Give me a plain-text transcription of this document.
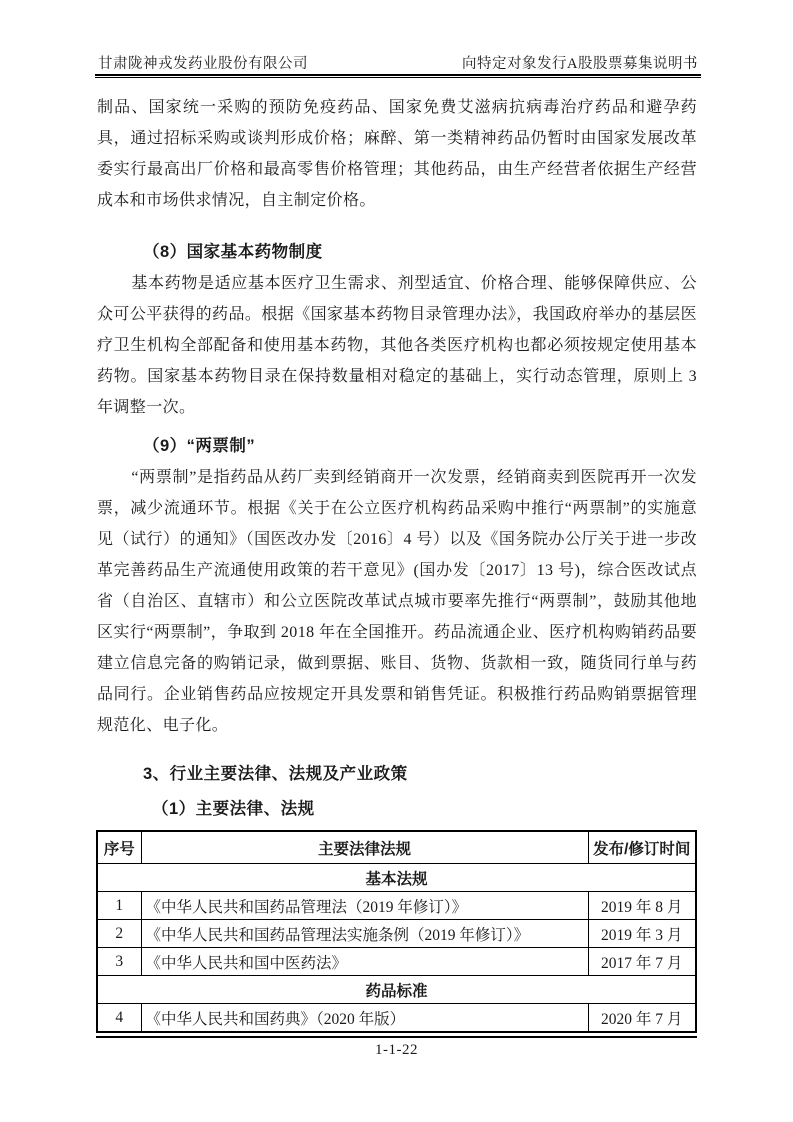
甘肃陇神戎发药业股份有限公司	向特定对象发行A股股票募集说明书

制品、国家统一采购的预防免疫药品、国家免费艾滋病抗病毒治疗药品和避孕药具，通过招标采购或谈判形成价格；麻醉、第一类精神药品仍暂时由国家发展改革委实行最高出厂价格和最高零售价格管理；其他药品，由生产经营者依据生产经营成本和市场供求情况，自主制定价格。

（8）国家基本药物制度

基本药物是适应基本医疗卫生需求、剂型适宜、价格合理、能够保障供应、公众可公平获得的药品。根据《国家基本药物目录管理办法》，我国政府举办的基层医疗卫生机构全部配备和使用基本药物，其他各类医疗机构也都必须按规定使用基本药物。国家基本药物目录在保持数量相对稳定的基础上，实行动态管理，原则上 3 年调整一次。

（9）“两票制”

“两票制”是指药品从药厂卖到经销商开一次发票，经销商卖到医院再开一次发票，减少流通环节。根据《关于在公立医疗机构药品采购中推行“两票制”的实施意见（试行）的通知》（国医改办发〔2016〕4 号）以及《国务院办公厅关于进一步改革完善药品生产流通使用政策的若干意见》(国办发〔2017〕13 号)，综合医改试点省（自治区、直辖市）和公立医院改革试点城市要率先推行“两票制”，鼓励其他地区实行“两票制”，争取到 2018 年在全国推开。药品流通企业、医疗机构购销药品要建立信息完备的购销记录，做到票据、账目、货物、货款相一致，随货同行单与药品同行。企业销售药品应按规定开具发票和销售凭证。积极推行药品购销票据管理规范化、电子化。

3、行业主要法律、法规及产业政策
（1）主要法律、法规
序号	主要法律法规	发布/修订时间
基本法规		
1	《中华人民共和国药品管理法（2019 年修订）》	2019 年 8 月
2	《中华人民共和国药品管理法实施条例（2019 年修订）》	2019 年 3 月
3	《中华人民共和国中医药法》	2017 年 7 月
药品标准		
4	《中华人民共和国药典》（2020 年版）	2020 年 7 月
1-1-22
